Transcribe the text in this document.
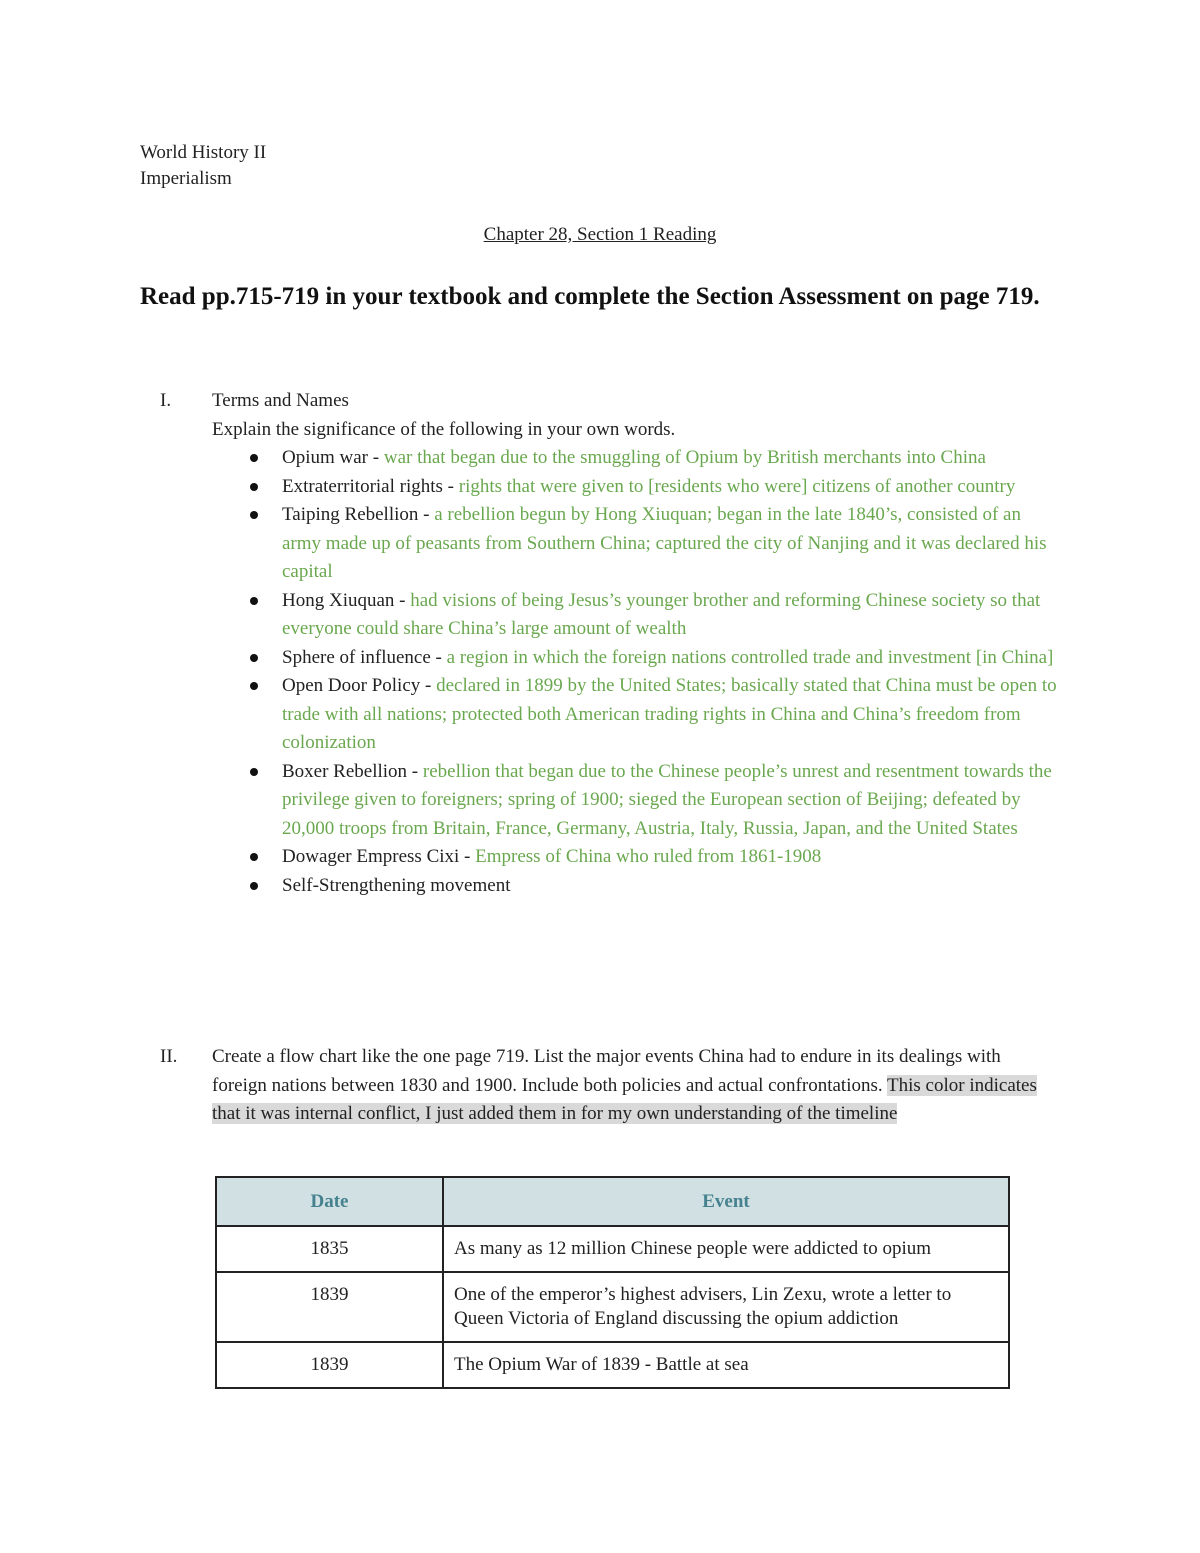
World History II
Imperialism
Chapter 28, Section 1 Reading
Read pp.715-719 in your textbook and complete the Section Assessment on page 719.
I.	Terms and Names
Explain the significance of the following in your own words.
Opium war - war that began due to the smuggling of Opium by British merchants into China
Extraterritorial rights - rights that were given to [residents who were] citizens of another country
Taiping Rebellion - a rebellion begun by Hong Xiuquan; began in the late 1840’s, consisted of an army made up of peasants from Southern China; captured the city of Nanjing and it was declared his capital
Hong Xiuquan - had visions of being Jesus’s younger brother and reforming Chinese society so that everyone could share China’s large amount of wealth
Sphere of influence - a region in which the foreign nations controlled trade and investment [in China]
Open Door Policy - declared in 1899 by the United States; basically stated that China must be open to trade with all nations; protected both American trading rights in China and China’s freedom from colonization
Boxer Rebellion - rebellion that began due to the Chinese people’s unrest and resentment towards the privilege given to foreigners; spring of 1900; sieged the European section of Beijing; defeated by 20,000 troops from Britain, France, Germany, Austria, Italy, Russia, Japan, and the United States
Dowager Empress Cixi - Empress of China who ruled from 1861-1908
Self-Strengthening movement
II.	Create a flow chart like the one page 719. List the major events China had to endure in its dealings with foreign nations between 1830 and 1900. Include both policies and actual confrontations. This color indicates that it was internal conflict, I just added them in for my own understanding of the timeline
Date	Event
1835	As many as 12 million Chinese people were addicted to opium
1839	One of the emperor’s highest advisers, Lin Zexu, wrote a letter to Queen Victoria of England discussing the opium addiction
1839	The Opium War of 1839 - Battle at sea
